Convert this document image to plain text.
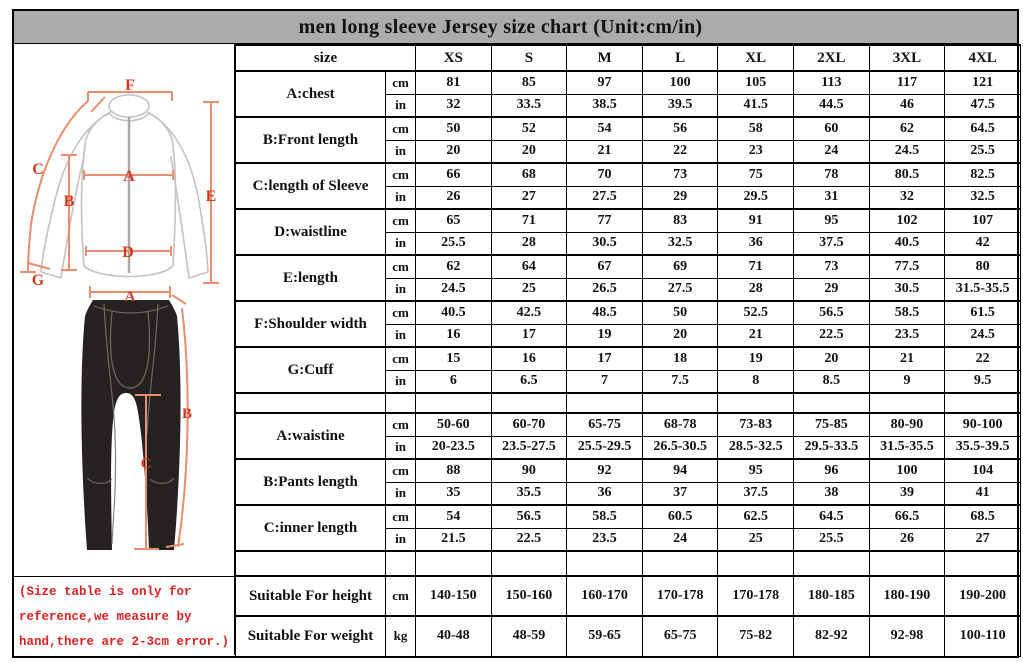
men long sleeve Jersey size chart (Unit:cm/in)
F
E
C
B
A
D
G
A
B
C
(Size table is only for
reference,we measure by
hand,there are 2-3cm error.)
size		XS	S	M	L	XL	2XL	3XL	4XL
A:chest	cm	81	85	97	100	105	113	117	121
	in	32	33.5	38.5	39.5	41.5	44.5	46	47.5
B:Front length	cm	50	52	54	56	58	60	62	64.5
	in	20	20	21	22	23	24	24.5	25.5
C:length of Sleeve	cm	66	68	70	73	75	78	80.5	82.5
	in	26	27	27.5	29	29.5	31	32	32.5
D:waistline	cm	65	71	77	83	91	95	102	107
	in	25.5	28	30.5	32.5	36	37.5	40.5	42
E:length	cm	62	64	67	69	71	73	77.5	80
	in	24.5	25	26.5	27.5	28	29	30.5	31.5-35.5
F:Shoulder width	cm	40.5	42.5	48.5	50	52.5	56.5	58.5	61.5
	in	16	17	19	20	21	22.5	23.5	24.5
G:Cuff	cm	15	16	17	18	19	20	21	22
	in	6	6.5	7	7.5	8	8.5	9	9.5

A:waistine	cm	50-60	60-70	65-75	68-78	73-83	75-85	80-90	90-100
	in	20-23.5	23.5-27.5	25.5-29.5	26.5-30.5	28.5-32.5	29.5-33.5	31.5-35.5	35.5-39.5
B:Pants length	cm	88	90	92	94	95	96	100	104
	in	35	35.5	36	37	37.5	38	39	41
C:inner length	cm	54	56.5	58.5	60.5	62.5	64.5	66.5	68.5
	in	21.5	22.5	23.5	24	25	25.5	26	27

Suitable For height	cm	140-150	150-160	160-170	170-178	170-178	180-185	180-190	190-200
Suitable For weight	kg	40-48	48-59	59-65	65-75	75-82	82-92	92-98	100-110
